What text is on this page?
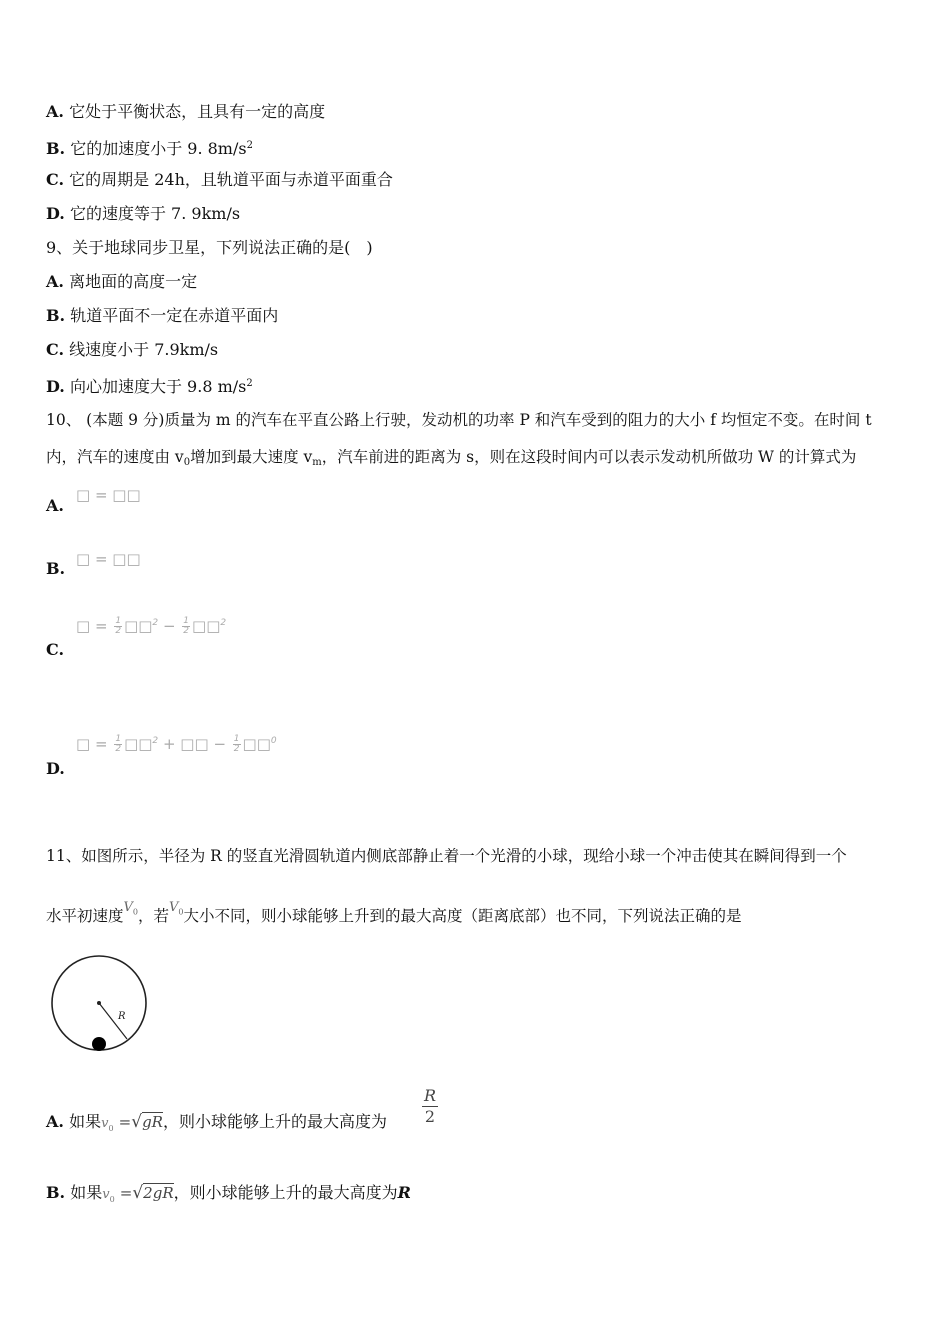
A. 它处于平衡状态，且具有一定的高度
B. 它的加速度小于 9. $8m/s^2$
C. 它的周期是 24h，且轨道平面与赤道平面重合
D. 它的速度等于 7. 9km/s
9、关于地球同步卫星，下列说法正确的是(　)
A. 离地面的高度一定
B. 轨道平面不一定在赤道平面内
C. 线速度小于 7.9km/s
D. 向心加速度大于 9.8 $m/s^2$
10、 (本题 9 分)质量为 m 的汽车在平直公路上行驶，发动机的功率 P 和汽车受到的阻力的大小 f 均恒定不变。在时间 t
内，汽车的速度由 $v_0$增加到最大速度 $v_m$，汽车前进的距离为 s，则在这段时间内可以表示发动机所做功 W 的计算式为
A.
□ = □□
B. □ = □□
C.
□ = $\frac{1}{2}$ □□$^2$ − $\frac{1}{2}$ □□$^2$
D.
□ = $\frac{1}{2}$ □□$^2$ + □□ − $\frac{1}{2}$ □□$^0$
11、如图所示，半径为 R 的竖直光滑圆轨道内侧底部静止着一个光滑的小球，现给小球一个冲击使其在瞬间得到一个
水平初速度$^{V_0}$，若$^{V_0}$大小不同，则小球能够上升到的最大高度（距离底部）也不同，下列说法正确的是
R
A. 如果$v_0 =√gR$，则小球能够上升的最大高度为 $\frac{R}{2}$
B. 如果$v_0 =√2gR$，则小球能够上升的最大高度为R
